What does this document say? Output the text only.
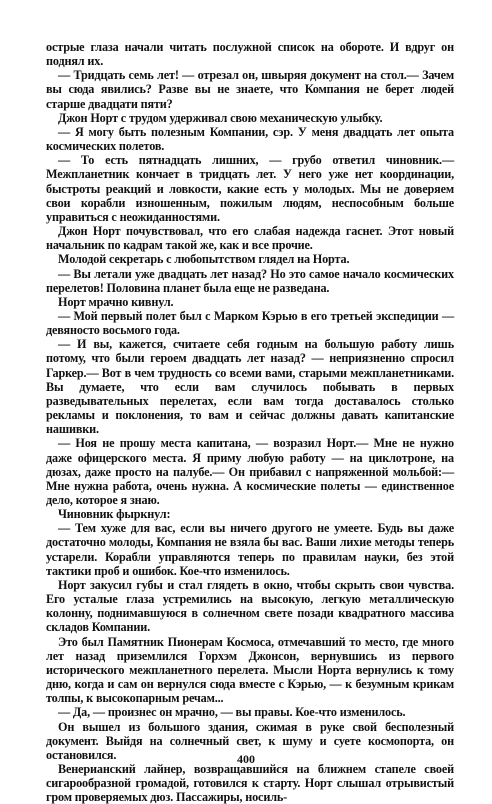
острые глаза начали читать послужной список на обороте. И вдруг он поднял их.

— Тридцать семь лет! — отрезал он, швыряя документ на стол.— Зачем вы сюда явились? Разве вы не знаете, что Компания не берет людей старше двадцати пяти?

Джон Норт с трудом удерживал свою механическую улыбку.

— Я могу быть полезным Компании, сэр. У меня двадцать лет опыта космических полетов.

— То есть пятнадцать лишних, — грубо ответил чиновник.— Межпланетник кончает в тридцать лет. У него уже нет координации, быстроты реакций и ловкости, какие есть у молодых. Мы не доверяем свои корабли изношенным, пожилым людям, неспособным больше управиться с неожиданностями.

Джон Норт почувствовал, что его слабая надежда гаснет. Этот новый начальник по кадрам такой же, как и все прочие.

Молодой секретарь с любопытством глядел на Норта.

— Вы летали уже двадцать лет назад? Но это самое начало космических перелетов! Половина планет была еще не разведана.

Норт мрачно кивнул.

— Мой первый полет был с Марком Кэрью в его третьей экспедиции — девяносто восьмого года.

— И вы, кажется, считаете себя годным на большую работу лишь потому, что были героем двадцать лет назад? — неприязненно спросил Гаркер.— Вот в чем трудность со всеми вами, старыми межпланетниками. Вы думаете, что если вам случилось побывать в первых разведывательных перелетах, если вам тогда доставалось столько рекламы и поклонения, то вам и сейчас должны давать капитанские нашивки.

— Ноя не прошу места капитана, — возразил Норт.— Мне не нужно даже офицерского места. Я приму любую работу — на циклотроне, на дюзах, даже просто на палубе.— Он прибавил с напряженной мольбой:— Мне нужна работа, очень нужна. А космические полеты — единственное дело, которое я знаю.

Чиновник фыркнул:

— Тем хуже для вас, если вы ничего другого не умеете. Будь вы даже достаточно молоды, Компания не взяла бы вас. Ваши лихие методы теперь устарели. Корабли управляются теперь по правилам науки, без этой тактики проб и ошибок. Кое-что изменилось.

Норт закусил губы и стал глядеть в окно, чтобы скрыть свои чувства. Его усталые глаза устремились на высокую, легкую металлическую колонну, поднимавшуюся в солнечном свете позади квадратного массива складов Компании.

Это был Памятник Пионерам Космоса, отмечавший то место, где много лет назад приземлился Горхэм Джонсон, вернувшись из первого исторического межпланетного перелета. Мысли Норта вернулись к тому дню, когда и сам он вернулся сюда вместе с Кэрью, — к безумным крикам толпы, к высокопарным речам...

— Да, — произнес он мрачно, — вы правы. Кое-что изменилось.

Он вышел из большого здания, сжимая в руке свой бесполезный документ. Выйдя на солнечный свет, к шуму и суете космопорта, он остановился.

Венерианский лайнер, возвращавшийся на ближнем стапеле своей сигарообразной громадой, готовился к старту. Норт слышал отрывистый гром проверяемых дюз. Пассажиры, носиль-

400
